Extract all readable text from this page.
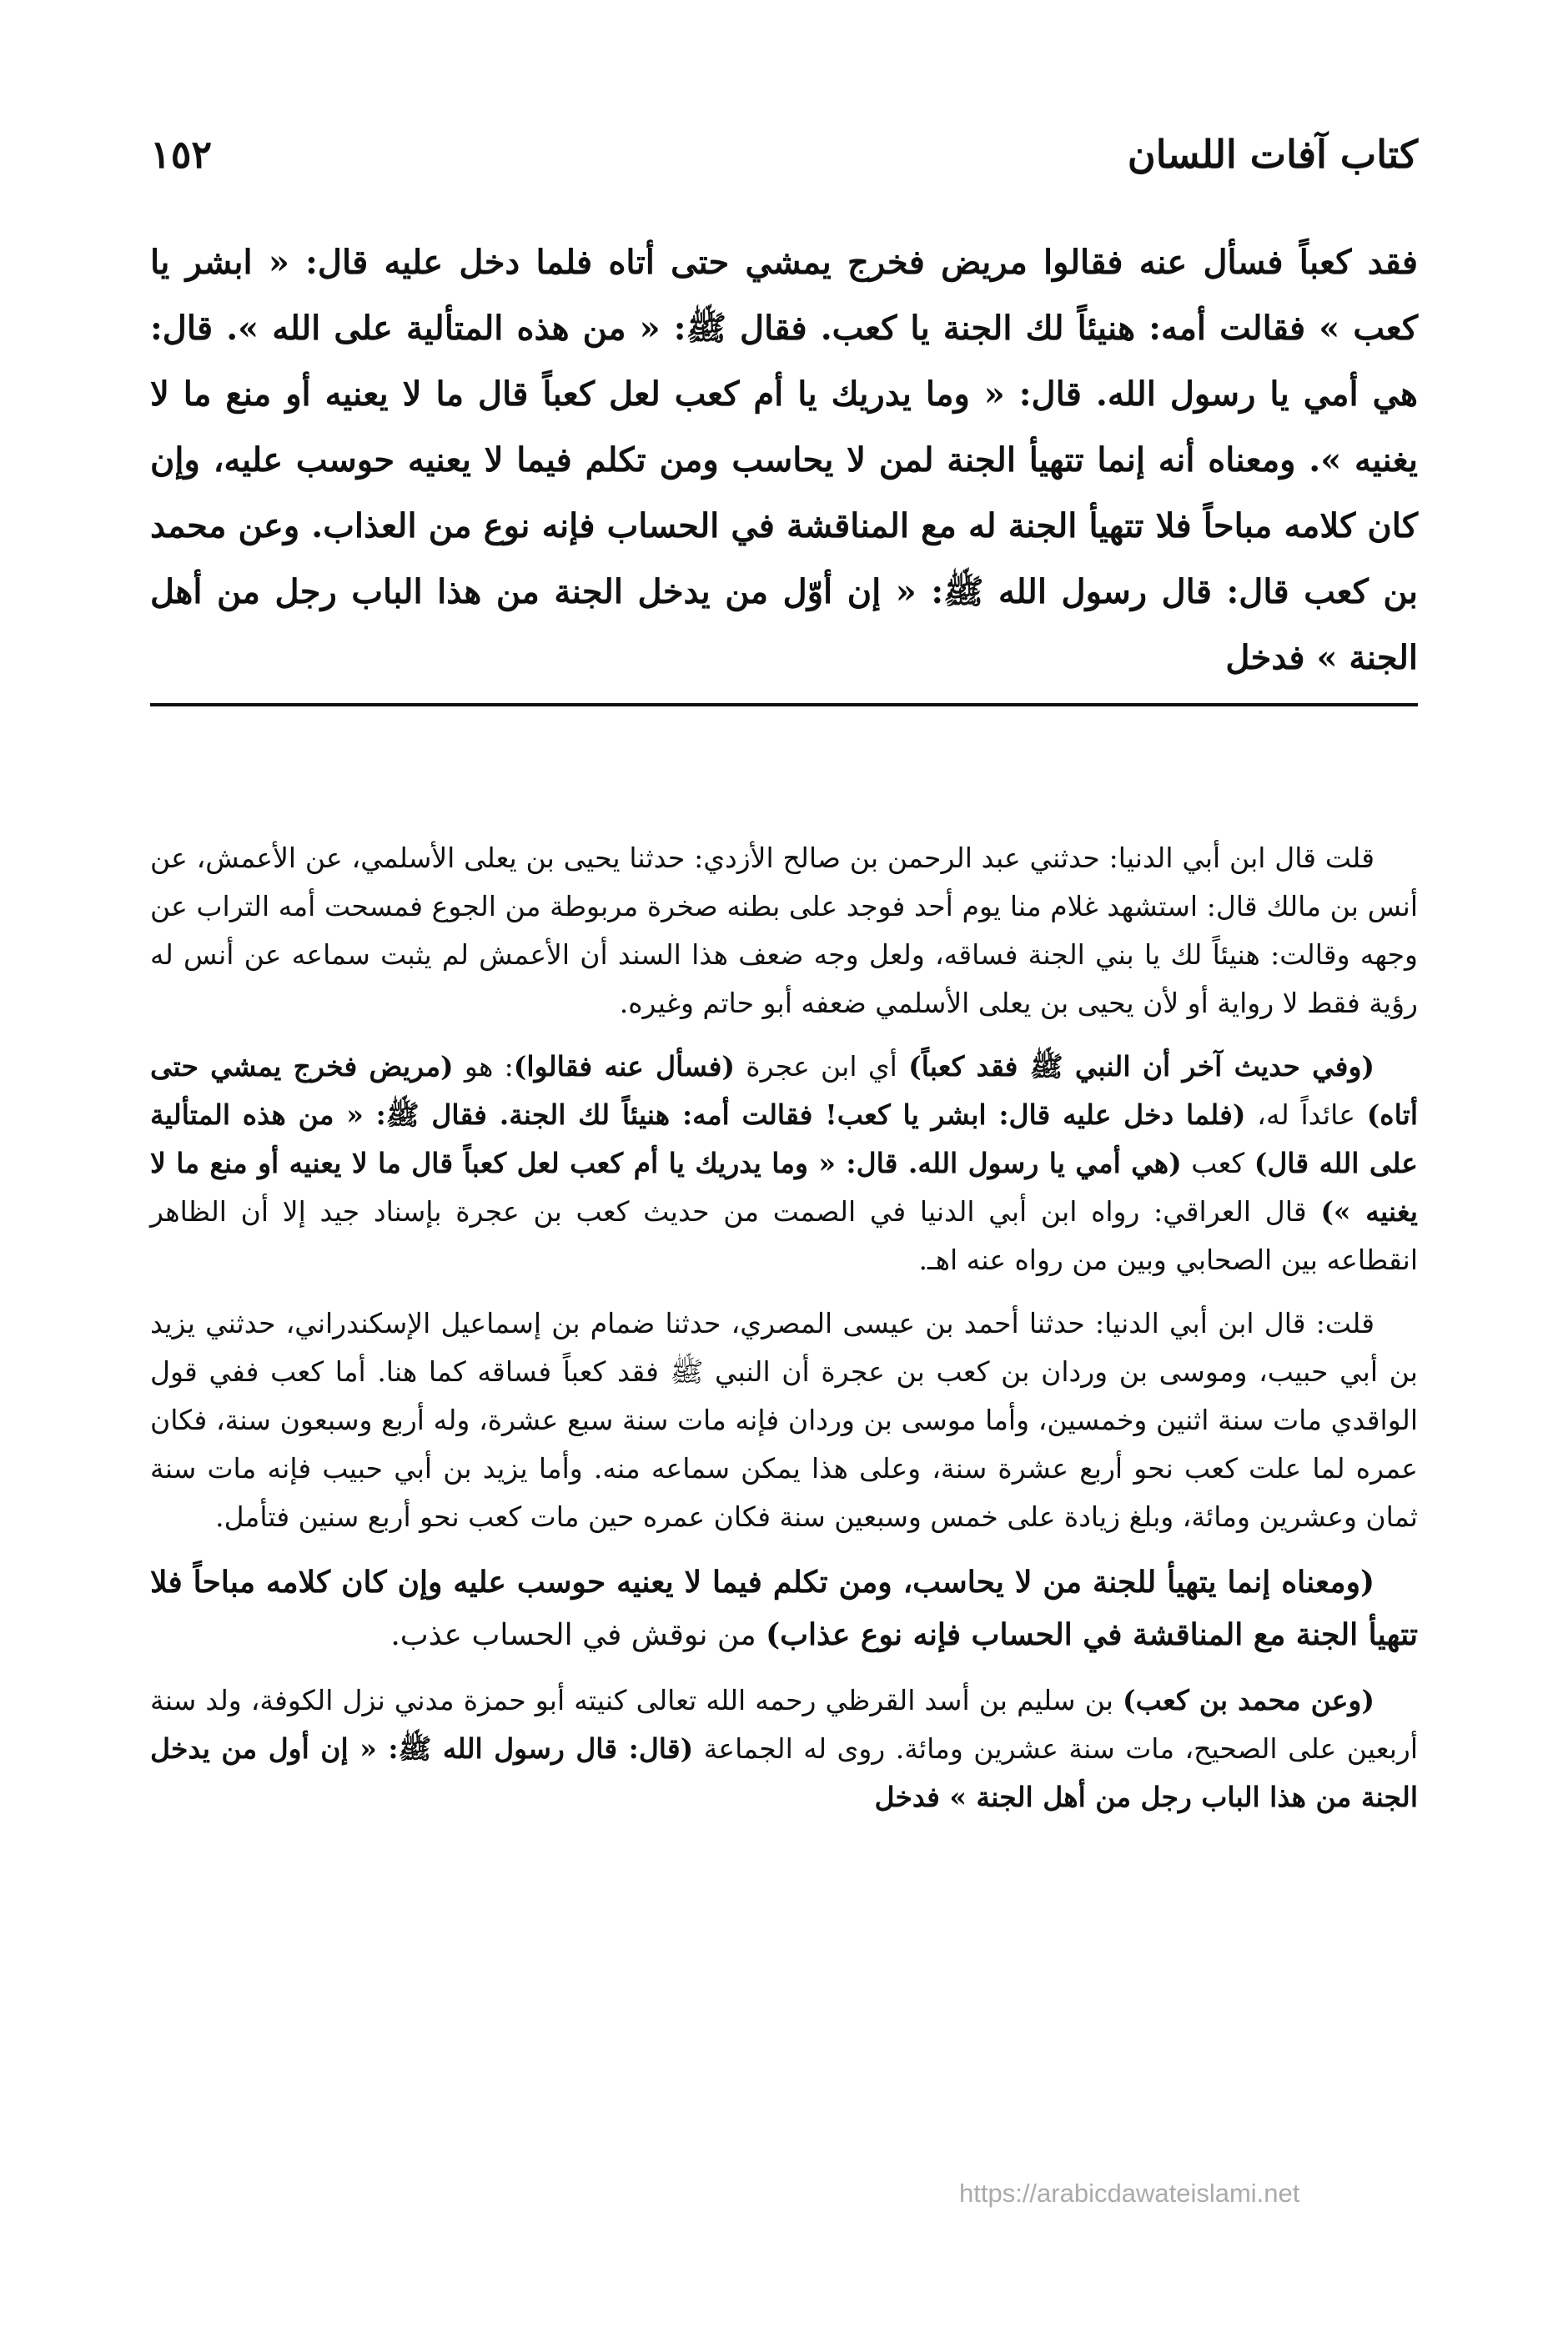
١٥٢	كتاب آفات اللسان

فقد كعباً فسأل عنه فقالوا مريض فخرج يمشي حتى أتاه فلما دخل عليه قال: « ابشر يا كعب » فقالت أمه: هنيئاً لك الجنة يا كعب. فقال ﷺ: « من هذه المتألية على الله ». قال: هي أمي يا رسول الله. قال: « وما يدريك يا أم كعب لعل كعباً قال ما لا يعنيه أو منع ما لا يغنيه ». ومعناه أنه إنما تتهيأ الجنة لمن لا يحاسب ومن تكلم فيما لا يعنيه حوسب عليه، وإن كان كلامه مباحاً فلا تتهيأ الجنة له مع المناقشة في الحساب فإنه نوع من العذاب. وعن محمد بن كعب قال: قال رسول الله ﷺ: « إن أوّل من يدخل الجنة من هذا الباب رجل من أهل الجنة » فدخل

قلت قال ابن أبي الدنيا: حدثني عبد الرحمن بن صالح الأزدي: حدثنا يحيى بن يعلى الأسلمي، عن الأعمش، عن أنس بن مالك قال: استشهد غلام منا يوم أحد فوجد على بطنه صخرة مربوطة من الجوع فمسحت أمه التراب عن وجهه وقالت: هنيئاً لك يا بني الجنة فساقه، ولعل وجه ضعف هذا السند أن الأعمش لم يثبت سماعه عن أنس له رؤية فقط لا رواية أو لأن يحيى بن يعلى الأسلمي ضعفه أبو حاتم وغيره.

(وفي حديث آخر أن النبي ﷺ فقد كعباً) أي ابن عجرة (فسأل عنه فقالوا): هو (مريض فخرج يمشي حتى أتاه) عائداً له، (فلما دخل عليه قال: ابشر يا كعب! فقالت أمه: هنيئاً لك الجنة. فقال ﷺ: « من هذه المتألية على الله قال) كعب (هي أمي يا رسول الله. قال: « وما يدريك يا أم كعب لعل كعباً قال ما لا يعنيه أو منع ما لا يغنيه ») قال العراقي: رواه ابن أبي الدنيا في الصمت من حديث كعب بن عجرة بإسناد جيد إلا أن الظاهر انقطاعه بين الصحابي وبين من رواه عنه اهـ.

قلت: قال ابن أبي الدنيا: حدثنا أحمد بن عيسى المصري، حدثنا ضمام بن إسماعيل الإسكندراني، حدثني يزيد بن أبي حبيب، وموسى بن وردان بن كعب بن عجرة أن النبي ﷺ فقد كعباً فساقه كما هنا. أما كعب ففي قول الواقدي مات سنة اثنين وخمسين، وأما موسى بن وردان فإنه مات سنة سبع عشرة، وله أربع وسبعون سنة، فكان عمره لما علت كعب نحو أربع عشرة سنة، وعلى هذا يمكن سماعه منه. وأما يزيد بن أبي حبيب فإنه مات سنة ثمان وعشرين ومائة، وبلغ زيادة على خمس وسبعين سنة فكان عمره حين مات كعب نحو أربع سنين فتأمل.

(ومعناه إنما يتهيأ للجنة من لا يحاسب، ومن تكلم فيما لا يعنيه حوسب عليه وإن كان كلامه مباحاً فلا تتهيأ الجنة مع المناقشة في الحساب فإنه نوع عذاب) من نوقش في الحساب عذب.

(وعن محمد بن كعب) بن سليم بن أسد القرظي رحمه الله تعالى كنيته أبو حمزة مدني نزل الكوفة، ولد سنة أربعين على الصحيح، مات سنة عشرين ومائة. روى له الجماعة (قال: قال رسول الله ﷺ: « إن أول من يدخل الجنة من هذا الباب رجل من أهل الجنة » فدخل

https://arabicdawateislami.net
